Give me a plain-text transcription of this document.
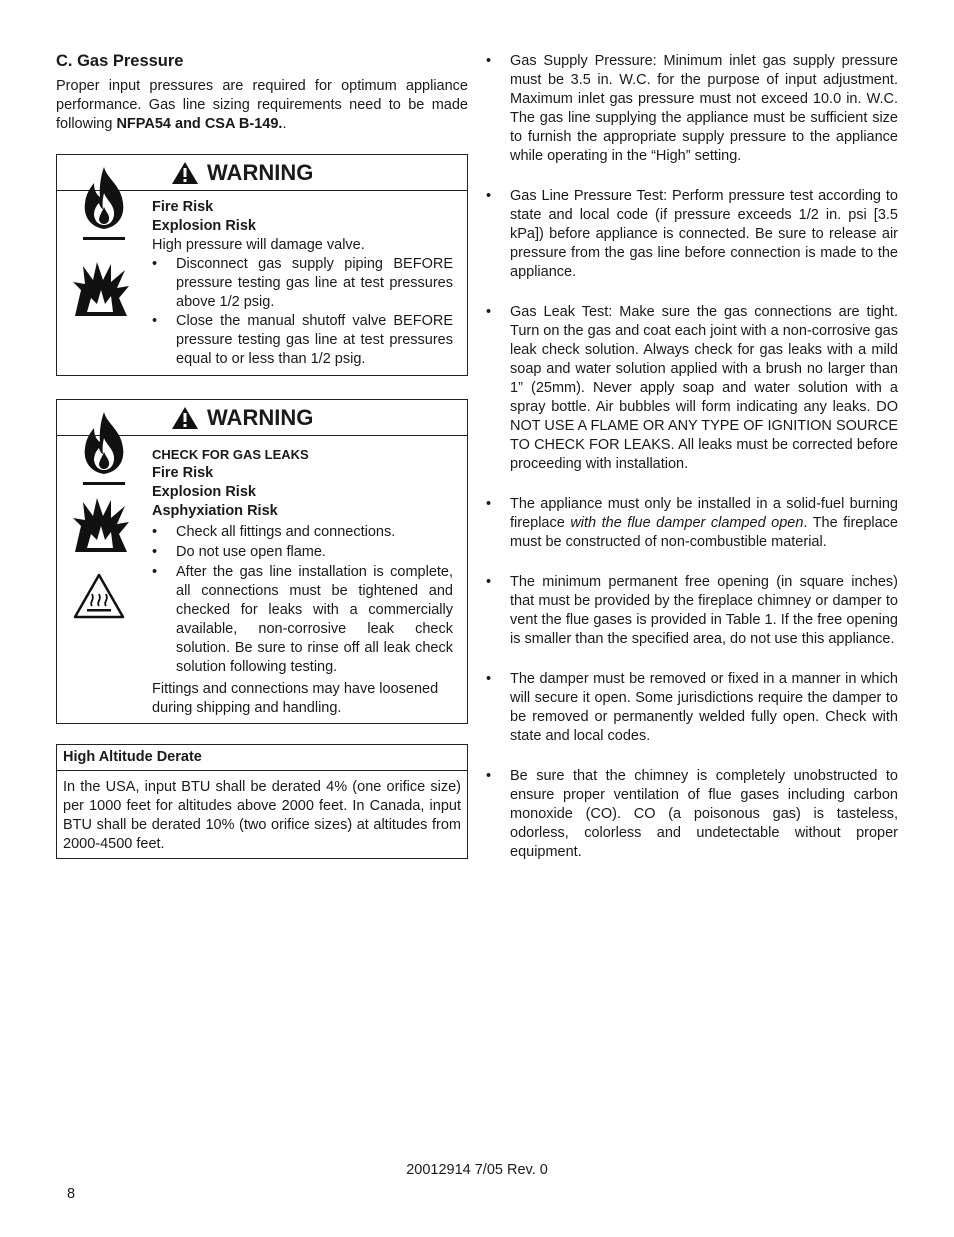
C. Gas Pressure

Proper input pressures are required for optimum appliance performance. Gas line sizing requirements need to be made following NFPA54 and CSA B-149..

WARNING
Fire Risk
Explosion Risk
High pressure will damage valve.
• Disconnect gas supply piping BEFORE pressure testing gas line at test pressures above 1/2 psig.
• Close the manual shutoff valve BEFORE pressure testing gas line at test pressures equal to or less than 1/2 psig.
WARNING
CHECK FOR GAS LEAKS
Fire Risk
Explosion Risk
Asphyxiation Risk
• Check all fittings and connections.
• Do not use open flame.
• After the gas line installation is complete, all connections must be tightened and checked for leaks with a commercially available, non-corrosive leak check solution. Be sure to rinse off all leak check solution following testing.
Fittings and connections may have loosened during shipping and handling.
High Altitude Derate
In the USA, input BTU shall be derated 4% (one orifice size) per 1000 feet for altitudes above 2000 feet. In Canada, input BTU shall be derated 10% (two orifice sizes) at altitudes from 2000-4500 feet.
• Gas Supply Pressure: Minimum inlet gas supply pressure must be 3.5 in. W.C. for the purpose of input adjustment. Maximum inlet gas pressure must not exceed 10.0 in. W.C. The gas line supplying the appliance must be sufficient size to furnish the appropriate supply pressure to the appliance while operating in the “High” setting.
• Gas Line Pressure Test: Perform pressure test according to state and local code (if pressure exceeds 1/2 in. psi [3.5 kPa]) before appliance is connected. Be sure to release air pressure from the gas line before connection is made to the appliance.
• Gas Leak Test: Make sure the gas connections are tight. Turn on the gas and coat each joint with a non-corrosive gas leak check solution. Always check for gas leaks with a mild soap and water solution applied with a brush no larger than 1” (25mm). Never apply soap and water solution with a spray bottle. Air bubbles will form indicating any leaks. DO NOT USE A FLAME OR ANY TYPE OF IGNITION SOURCE TO CHECK FOR LEAKS. All leaks must be corrected before proceeding with installation.
• The appliance must only be installed in a solid-fuel burning fireplace with the flue damper clamped open. The fireplace must be constructed of non-combustible material.
• The minimum permanent free opening (in square inches) that must be provided by the fireplace chimney or damper to vent the flue gases is provided in Table 1. If the free opening is smaller than the specified area, do not use this appliance.
• The damper must be removed or fixed in a manner in which will secure it open. Some jurisdictions require the damper to be removed or permanently welded fully open. Check with state and local codes.
• Be sure that the chimney is completely unobstructed to ensure proper ventilation of flue gases including carbon monoxide (CO). CO (a poisonous gas) is tasteless, odorless, colorless and undetectable without proper equipment.
20012914 7/05 Rev. 0
8
